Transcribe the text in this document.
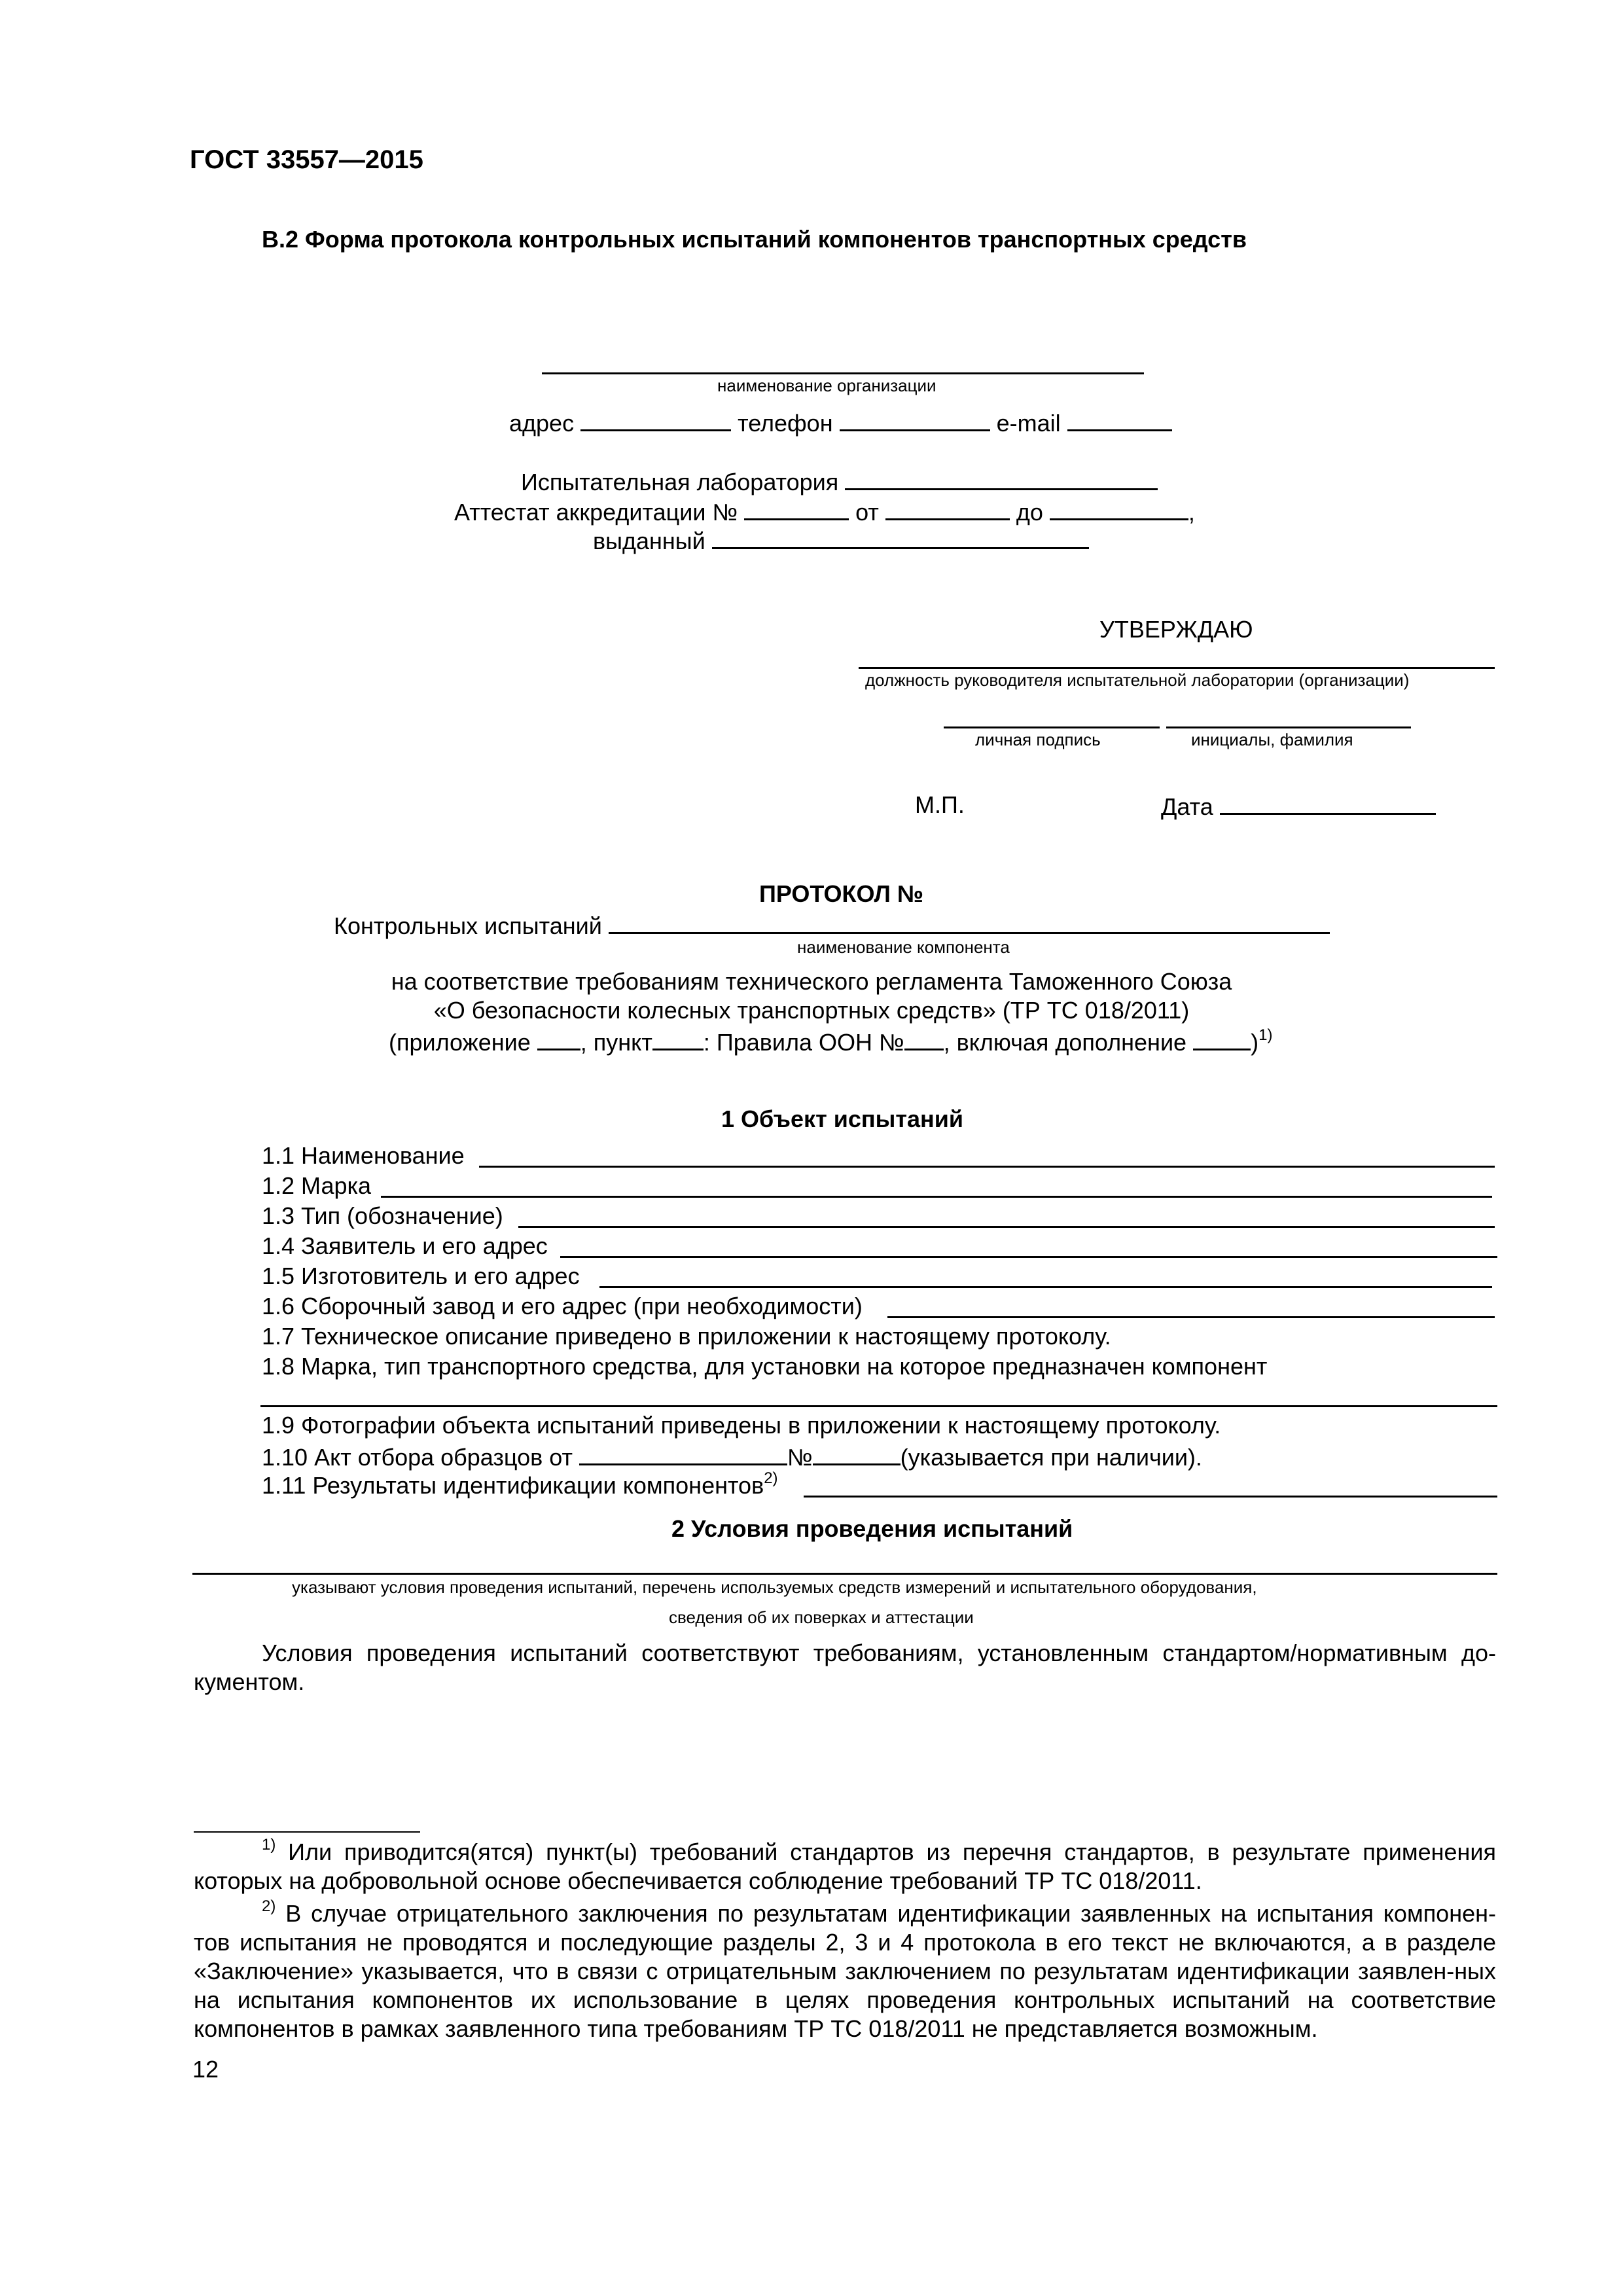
ГОСТ 33557—2015
В.2 Форма протокола контрольных испытаний компонентов транспортных средств
наименование организации
адрес	телефон	e-mail
Испытательная лаборатория
Аттестат аккредитации №	от	до	,
выданный
УТВЕРЖДАЮ
должность руководителя испытательной лаборатории (организации)
личная подпись	инициалы, фамилия
М.П.	Дата
ПРОТОКОЛ №
Контрольных испытаний
наименование компонента
на соответствие требованиям технического регламента Таможенного Союза
«О безопасности колесных транспортных средств» (ТР ТС 018/2011)
(приложение , пункт : Правила ООН № , включая дополнение	)$^{1)}$
1 Объект испытаний
1.1 Наименование
1.2 Марка
1.3 Тип (обозначение)
1.4 Заявитель и его адрес
1.5 Изготовитель и его адрес
1.6 Сборочный завод и его адрес (при необходимости)
1.7 Техническое описание приведено в приложении к настоящему протоколу.
1.8 Марка, тип транспортного средства, для установки на которое предназначен компонент
1.9 Фотографии объекта испытаний приведены в приложении к настоящему протоколу.
1.10 Акт отбора образцов от	№	(указывается при наличии).
1.11 Результаты идентификации компонентов$^{2)}$
2 Условия проведения испытаний
указывают условия проведения испытаний, перечень используемых средств измерений и испытательного оборудования,
сведения об их поверках и аттестации
Условия проведения испытаний соответствуют требованиям, установленным стандартом/нормативным до-кументом.
$^{1)}$ Или приводится(ятся) пункт(ы) требований стандартов из перечня стандартов, в результате применения которых на добровольной основе обеспечивается соблюдение требований ТР ТС 018/2011.
$^{2)}$ В случае отрицательного заключения по результатам идентификации заявленных на испытания компонен-тов испытания не проводятся и последующие разделы 2, 3 и 4 протокола в его текст не включаются, а в разделе «Заключение» указывается, что в связи с отрицательным заключением по результатам идентификации заявлен-ных на испытания компонентов их использование в целях проведения контрольных испытаний на соответствие компонентов в рамках заявленного типа требованиям ТР ТС 018/2011 не представляется возможным.
12
